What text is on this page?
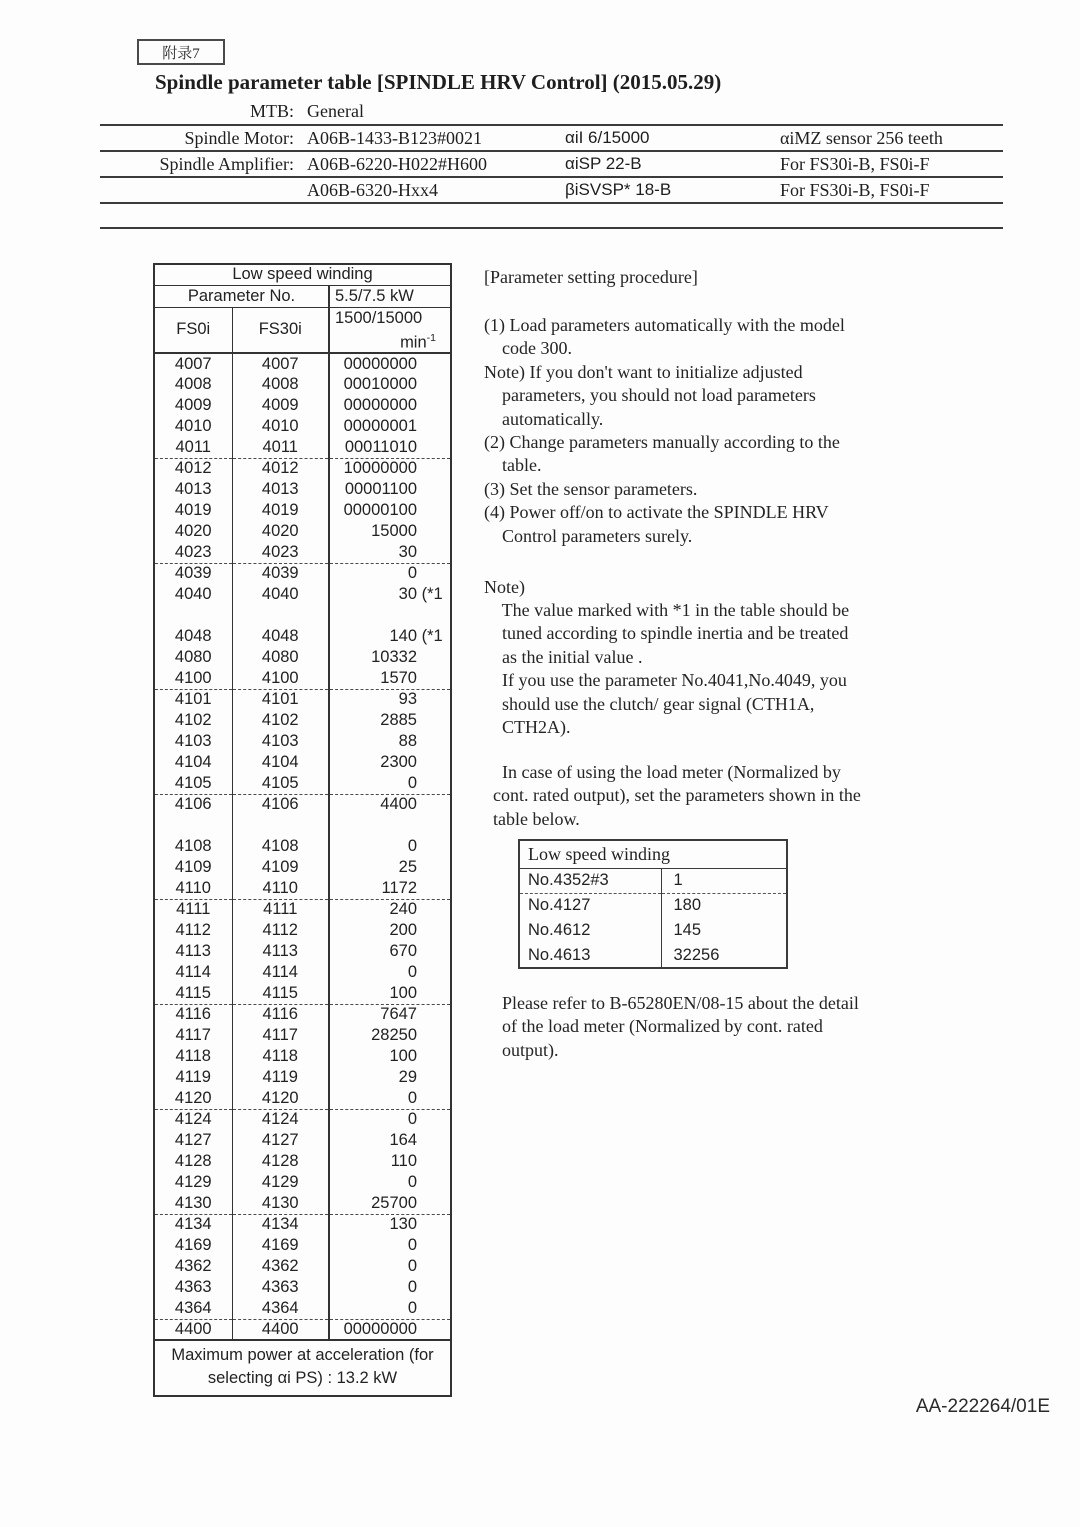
附录7
Spindle parameter table [SPINDLE HRV Control] (2015.05.29)
MTB:	General		
Spindle Motor:	A06B-1433-B123#0021	αiI 6/15000	αiMZ sensor 256 teeth
Spindle Amplifier:	A06B-6220-H022#H600	αiSP 22-B	For FS30i-B, FS0i-F
	A06B-6320-Hxx4	βiSVSP* 18-B	For FS30i-B, FS0i-F
Low speed winding		
Parameter No.		5.5/7.5 kW
FS0i	FS30i	1500/15000
$\min^{-1}$

4007	4007	00000000
4008	4008	00010000
4009	4009	00000000
4010	4010	00000001
4011	4011	00011010
4012	4012	10000000
4013	4013	00001100
4019	4019	00000100
4020	4020	15000
4023	4023	30
4039	4039	0
4040	4040	30 (*1

4048	4048	140 (*1
4080	4080	10332
4100	4100	1570
4101	4101	93
4102	4102	2885
4103	4103	88
4104	4104	2300
4105	4105	0
4106	4106	4400

4108	4108	0
4109	4109	25
4110	4110	1172
4111	4111	240
4112	4112	200
4113	4113	670
4114	4114	0
4115	4115	100
4116	4116	7647
4117	4117	28250
4118	4118	100
4119	4119	29
4120	4120	0
4124	4124	0
4127	4127	164
4128	4128	110
4129	4129	0
4130	4130	25700
4134	4134	130
4169	4169	0
4362	4362	0
4363	4363	0
4364	4364	0
4400	4400	00000000

Maximum power at acceleration (for
selecting αi PS) : 13.2 kW		
[Parameter setting procedure]
(1) Load parameters automatically with the model
code 300.
Note) If you don't want to initialize adjusted
parameters, you should not load parameters
automatically.
(2) Change parameters manually according to the
table.
(3) Set the sensor parameters.
(4) Power off/on to activate the SPINDLE HRV
Control parameters surely.
Note)
The value marked with *1 in the table should be
tuned according to spindle inertia and be treated
as the initial value .
If you use the parameter No.4041,No.4049, you
should use the clutch/ gear signal (CTH1A,
CTH2A).
In case of using the load meter (Normalized by
cont. rated output), set the parameters shown in the
table below.
Low speed winding	
No.4352#3	1
No.4127	180
No.4612	145
No.4613	32256
Please refer to B-65280EN/08-15 about the detail
of the load meter (Normalized by cont. rated
output).
AA-222264/01E
